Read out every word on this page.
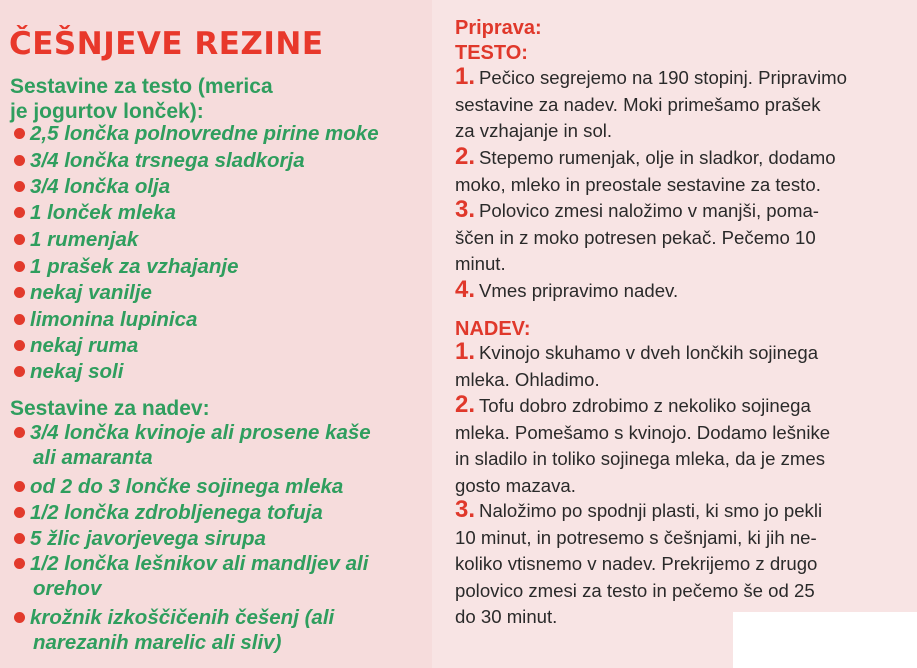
ČEŠNJEVE REZINE
Sestavine za testo (merica
je jogurtov lonček):
2,5 lončka polnovredne pirine moke
3/4 lončka trsnega sladkorja
3/4 lončka olja
1 lonček mleka
1 rumenjak
1 prašek za vzhajanje
nekaj vanilje
limonina lupinica
nekaj ruma
nekaj soli
Sestavine za nadev:
3/4 lončka kvinoje ali prosene kaše
ali amaranta
od 2 do 3 lončke sojinega mleka
1/2 lončka zdrobljenega tofuja
5 žlic javorjevega sirupa
1/2 lončka lešnikov ali mandljev ali
orehov
krožnik izkoščičenih češenj (ali
narezanih marelic ali sliv)
Priprava:
TESTO:
1. Pečico segrejemo na 190 stopinj. Pripravimo
sestavine za nadev. Moki primešamo prašek
za vzhajanje in sol.
2. Stepemo rumenjak, olje in sladkor, dodamo
moko, mleko in preostale sestavine za testo.
3. Polovico zmesi naložimo v manjši, poma-
ščen in z moko potresen pekač. Pečemo 10
minut.
4. Vmes pripravimo nadev.
NADEV:
1. Kvinojo skuhamo v dveh lončkih sojinega
mleka. Ohladimo.
2. Tofu dobro zdrobimo z nekoliko sojinega
mleka. Pomešamo s kvinojo. Dodamo lešnike
in sladilo in toliko sojinega mleka, da je zmes
gosto mazava.
3. Naložimo po spodnji plasti, ki smo jo pekli
10 minut, in potresemo s češnjami, ki jih ne-
koliko vtisnemo v nadev. Prekrijemo z drugo
polovico zmesi za testo in pečemo še od 25
do 30 minut.
